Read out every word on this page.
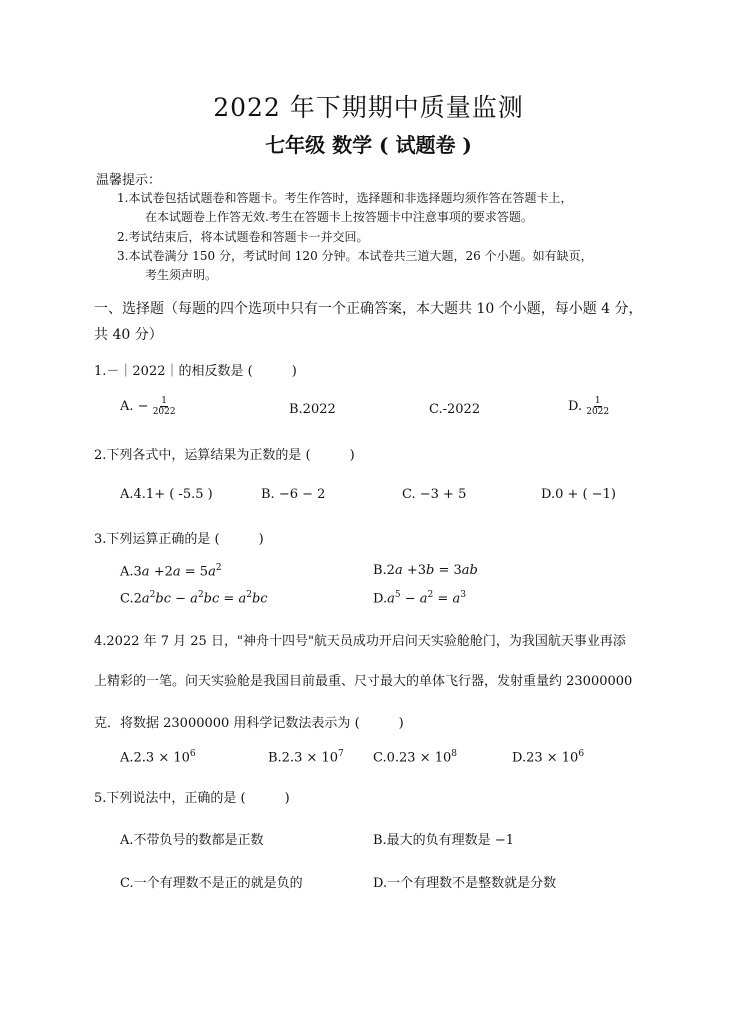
2022 年下期期中质量监测
七年级 数学 ( 试题卷 )
温馨提示：
1.本试卷包括试题卷和答题卡。考生作答时，选择题和非选择题均须作答在答题卡上，
在本试题卷上作答无效.考生在答题卡上按答题卡中注意事项的要求答题。
2.考试结束后，将本试题卷和答题卡一并交回。
3.本试卷满分 150 分，考试时间 120 分钟。本试卷共三道大题，26 个小题。如有缺页，
考生须声明。
一、选择题（每题的四个选项中只有一个正确答案，本大题共 10 个小题，每小题 4 分，
共 40 分）
1.－｜2022｜的相反数是 (　　　)
A. − $\frac{1}{2022}$	B.2022	C.-2022	D. $\frac{1}{2022}$
2.下列各式中，运算结果为正数的是 (　　　)
A.4.1+ ( -5.5 )	B. −6 − 2	C. −3 + 5	D.0 + ( −1)
3.下列运算正确的是 (　　　)
$A.3a +2a = 5a^2$	B.2a +3b = 3ab
$C.2a^2bc - a^2bc = a^2bc$	$D.a^5 - a^2 = a^3$
4.2022 年 7 月 25 日，"神舟十四号"航天员成功开启问天实验舱舱门，为我国航天事业再添
上精彩的一笔。问天实验舱是我国目前最重、尺寸最大的单体飞行器，发射重量约 23000000
克．将数据 23000000 用科学记数法表示为 (　　　)
$A.2.3 \times 10^6$	$B.2.3 \times 10^7$ $C.0.23 \times 10^8$	$D.23 \times 10^6$
5.下列说法中，正确的是 (　　　)
A.不带负号的数都是正数	B.最大的负有理数是 −1
C.一个有理数不是正的就是负的	D.一个有理数不是整数就是分数
